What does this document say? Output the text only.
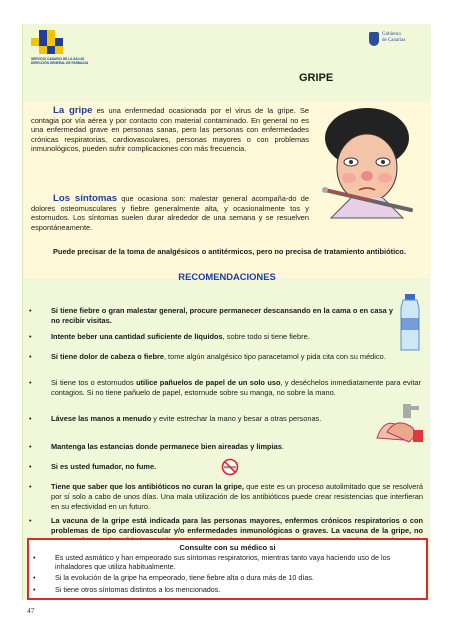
SERVICIO CANARIO DE LA SALUD
DIRECCIÓN GENERAL DE FARMACIA
Gobierno
de Canarias
GRIPE
La gripe es una enfermedad ocasionada por el virus de la gripe. Se contagia por vía aérea y por contacto con material contaminado. En general no es una enfermedad grave en personas sanas, pero las personas con enfermedades crónicas respiratorias, cardiovasculares, personas mayores o con problemas inmunológicos, pueden sufrir complicaciones con más frecuencia.
Los síntomas que ocasiona son: malestar general acompaña-do de dolores osteomusculares y fiebre generalmente alta, y ocasionalmente tos y estornudos. Los síntomas suelen durar alrededor de una semana y se resuelven espontáneamente.
Puede precisar de la toma de analgésicos o antitérmicos, pero no precisa de tratamiento antibiótico.
RECOMENDACIONES
•	Si tiene fiebre o gran malestar general, procure permanecer descansando en la cama o en casa y no recibir visitas.
•	Intente beber una cantidad suficiente de líquidos, sobre todo si tiene fiebre.
•	Si tiene dolor de cabeza o fiebre, tome algún analgésico tipo paracetamol y pida cita con su médico.
•	Si tiene tos o estornudos utilice pañuelos de papel de un solo uso, y deséchelos inmediatamente para evitar contagios. Si no tiene pañuelo de papel, estornude sobre su manga, no sobre la mano.
•	Lávese las manos a menudo y evite estrechar la mano y besar a otras personas.
•	Mantenga las estancias donde permanece bien aireadas y limpias.
•	Si es usted fumador, no fume.
•	Tiene que saber que los antibióticos no curan la gripe, que este es un proceso autolimitado que se resolverá por sí solo a cabo de unos días. Una mala utilización de los antibióticos puede crear resistencias que interfieran en su efectividad en un futuro.
•	La vacuna de la gripe está indicada para las personas mayores, enfermos crónicos respiratorios o con problemas de tipo cardiovascular y/o enfermedades inmunológicas o graves. La vacuna de la gripe, no
Consulte con su médico si
•	Es usted asmático y han empeorado sus síntomas respiratorios, mientras tanto vaya haciendo uso de los inhaladores que utiliza habitualmente.
•	Si la evolución de la gripe ha empeorado, tiene fiebre alta o dura más de 10 días.
•	Si tiene otros síntomas distintos a los mencionados.
47
